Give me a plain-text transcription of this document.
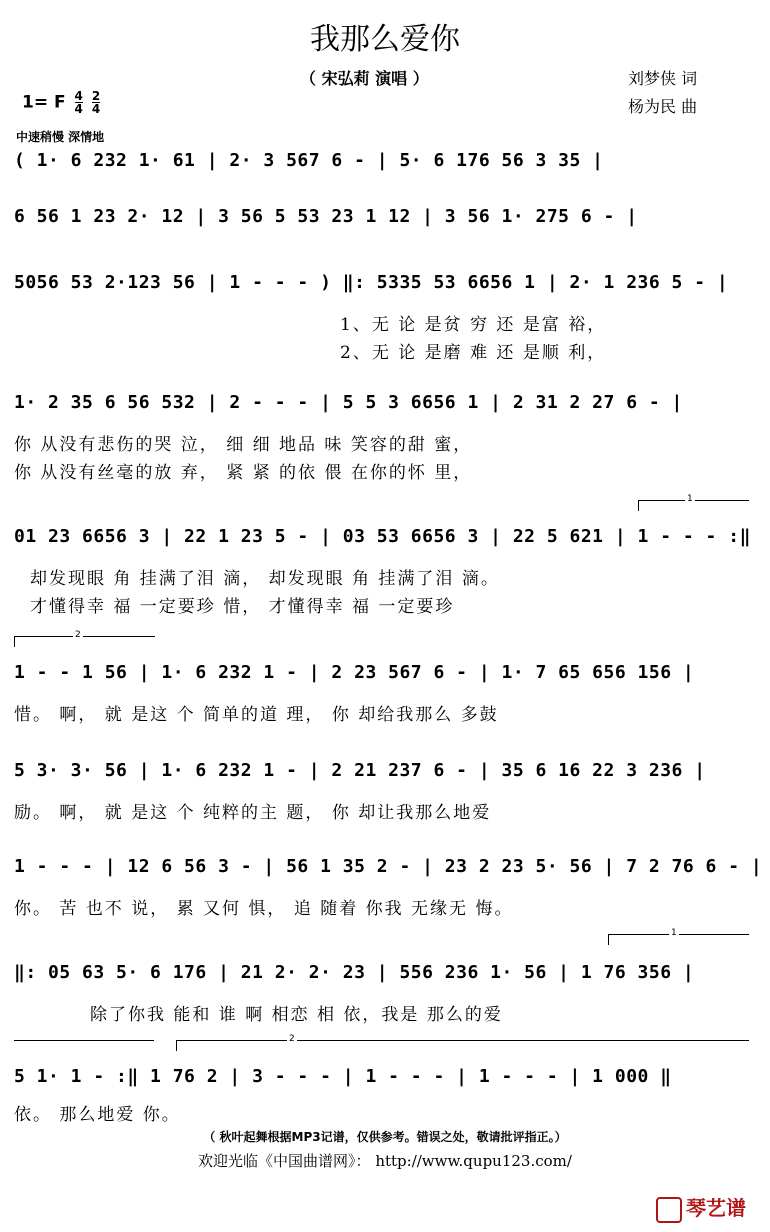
我那么爱你
（ 宋弘莉 演唱 ）	刘梦侠 词
杨为民 曲
1= F $\frac{4}{4}$
$\frac{2}{4}$
中速稍慢 深情地
( 1· 6 232 1· 61 | 2· 3 567 6 - | 5· 6 176 56 3 35 |
6 56 1 23 2· 12 | 3 56 5 53 23 1 12 | 3 56 1· 275 6 - |
5056 53 2·123 56 | 1 - - - ) ‖: 5335 53 6656 1 | 2· 1 236 5 - |
1、无 论 是贫 穷 还 是富 裕，
2、无 论 是磨 难 还 是顺 利，
1· 2 35 6 56 532 | 2 - - - | 5 5 3 6656 1 | 2 31 2 27 6 - |
你 从没有悲伤的哭 泣， 细 细 地品 味 笑容的甜 蜜，
你 从没有丝毫的放 弃， 紧 紧 的依 偎 在你的怀 里，
1
01 23 6656 3 | 22 1 23 5 - | 03 53 6656 3 | 22 5 621 | 1 - - - :‖
却发现眼 角 挂满了泪 滴， 却发现眼 角 挂满了泪 滴。
才懂得幸 福 一定要珍 惜， 才懂得幸 福 一定要珍
2
1 - - 1 56 | 1· 6 232 1 - | 2 23 567 6 - | 1· 7 65 656 156 |
惜。 啊， 就 是这 个 简单的道 理， 你 却给我那么 多鼓
5 3· 3· 56 | 1· 6 232 1 - | 2 21 237 6 - | 35 6 16 22 3 236 |
励。 啊， 就 是这 个 纯粹的主 题， 你 却让我那么地爱
1 - - - | 12 6 56 3 - | 56 1 35 2 - | 23 2 23 5· 56 | 7 2 76 6 - |
你。 苦 也不 说， 累 又何 惧， 追 随着 你我 无缘无 悔。
1
‖: 05 63 5· 6 176 | 21 2· 2· 23 | 556 236 1· 56 | 1 76 356 |
除了你我 能和 谁 啊 相恋 相 依，我是 那么的爱
2
5 1· 1 - :‖ 1 76 2 | 3 - - - | 1 - - - | 1 - - - | 1 000 ‖
依。 那么地爱 你。
（ 秋叶起舞根据MP3记谱，仅供参考。错误之处，敬请批评指正。）
欢迎光临《中国曲谱网》： http://www.qupu123.com/
琴艺谱
